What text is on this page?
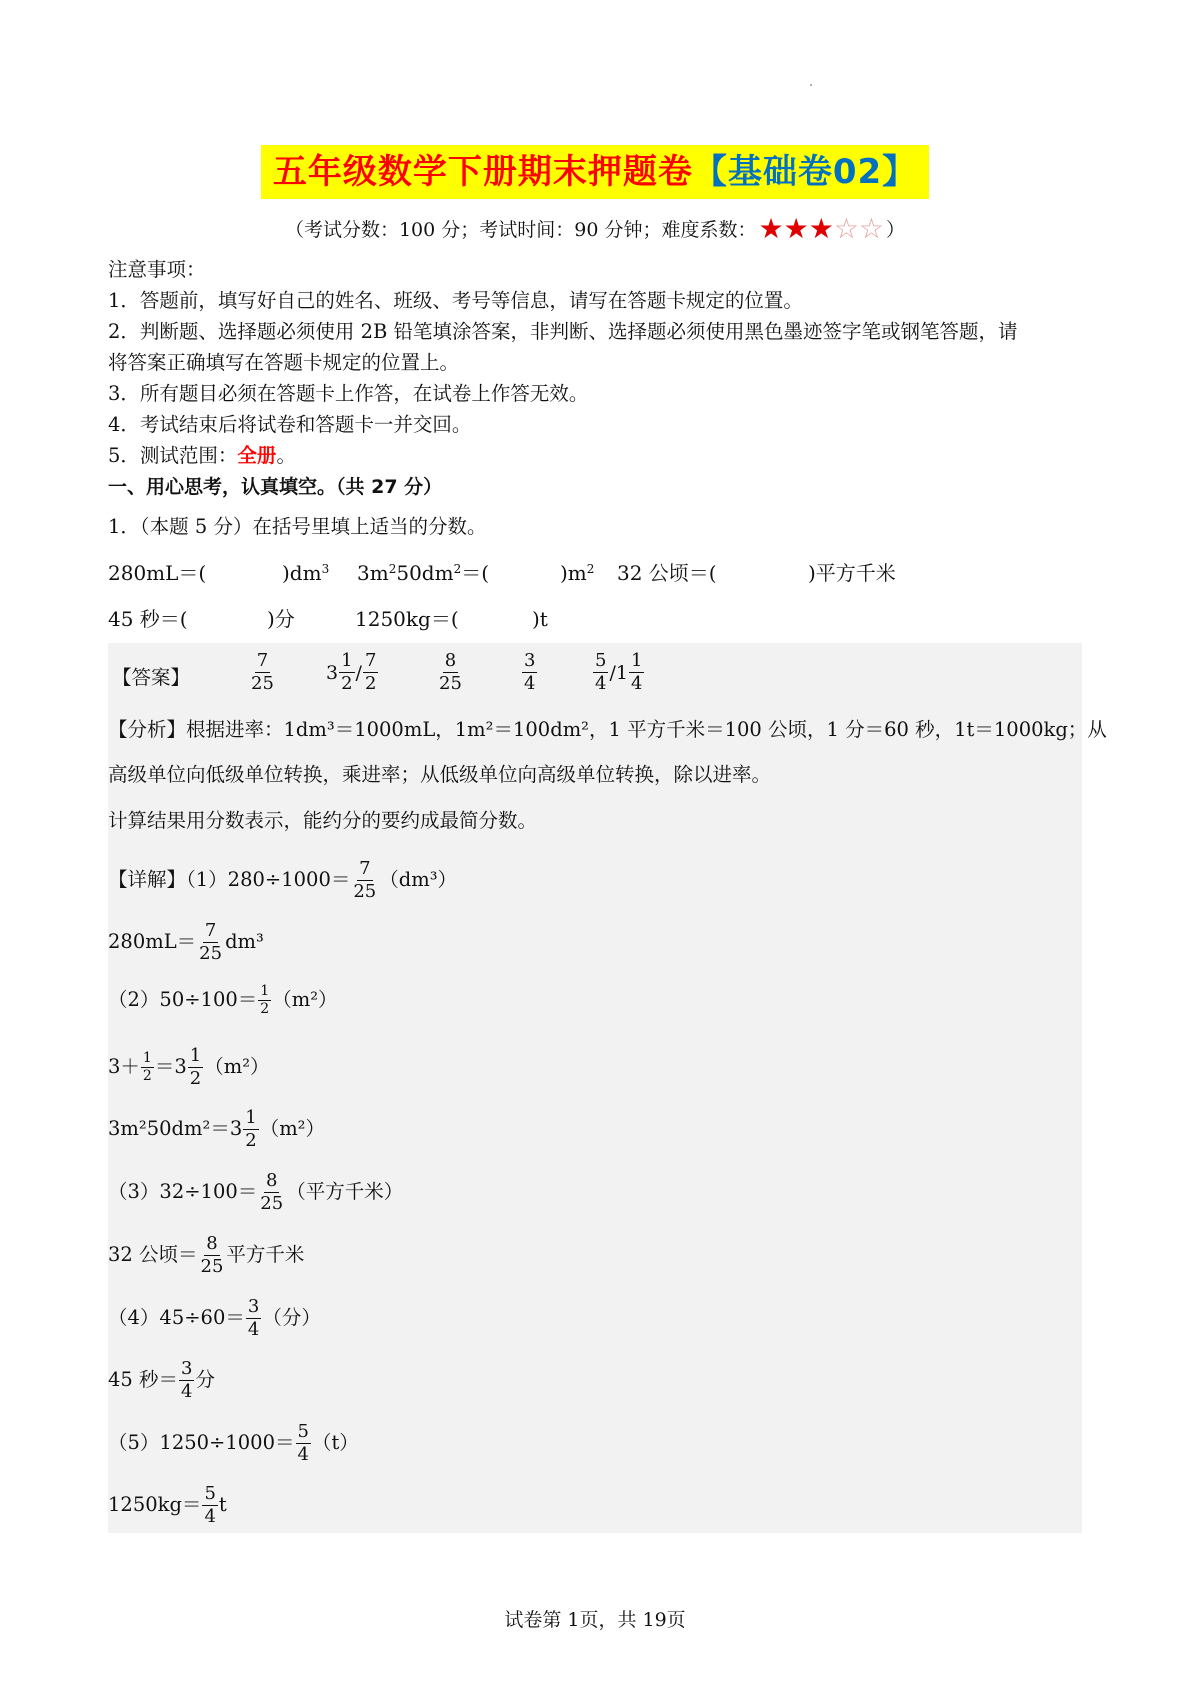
五年级数学下册期末押题卷【基础卷02】
（考试分数：100 分；考试时间：90 分钟；难度系数：★★★☆☆ ）
注意事项：
1．答题前，填写好自己的姓名、班级、考号等信息，请写在答题卡规定的位置。
2．判断题、选择题必须使用 2B 铅笔填涂答案，非判断、选择题必须使用黑色墨迹签字笔或钢笔答题，请
将答案正确填写在答题卡规定的位置上。
3．所有题目必须在答题卡上作答，在试卷上作答无效。
4．考试结束后将试卷和答题卡一并交回。
5．测试范围：全册。
一、用心思考，认真填空。（共 27 分）
1．（本题 5 分）在括号里填上适当的分数。
280mL＝(	)$dm^3$ $3m^250dm^2=$(	)$m^2$ 32 公顷＝(	)平方千米
45 秒＝(	)分	1250kg＝(	)t
【答案】	$\frac{7}{25}$	$3 \frac{1}{2} / \frac{7}{2}$	$\frac{8}{25}$	$\frac{3}{4}$	$\frac{5}{4} /1 \frac{1}{4}$
【分析】根据进率：1dm³＝1000mL，1m²＝100dm²，1 平方千米＝100 公顷，1 分＝60 秒，1t＝1000kg；从
高级单位向低级单位转换，乘进率；从低级单位向高级单位转换，除以进率。
计算结果用分数表示，能约分的要约成最简分数。
【详解】$(1)280\div 1000= \frac{7}{25} (dm^3)$
$280mL= \frac{7}{25} dm^3$
$(2)50\div 100= \frac{1}{2} (m^2)$
$3+ \frac{1}{2} =3 \frac{1}{2} (m^2)$
$3m^250dm^2=3 \frac{1}{2} (m^2)$
$(3)32\div 100= \frac{8}{25}$ （平方千米）
32 公顷＝ $\frac{8}{25}$ 平方千米
$(4)45\div 60= \frac{3}{4}$ （分）
45 秒＝ $\frac{3}{4}$ 分
$(5)1250\div 1000= \frac{5}{4} (t)$
$1250kg= \frac{5}{4}$ t
试卷第 1页，共 19页
